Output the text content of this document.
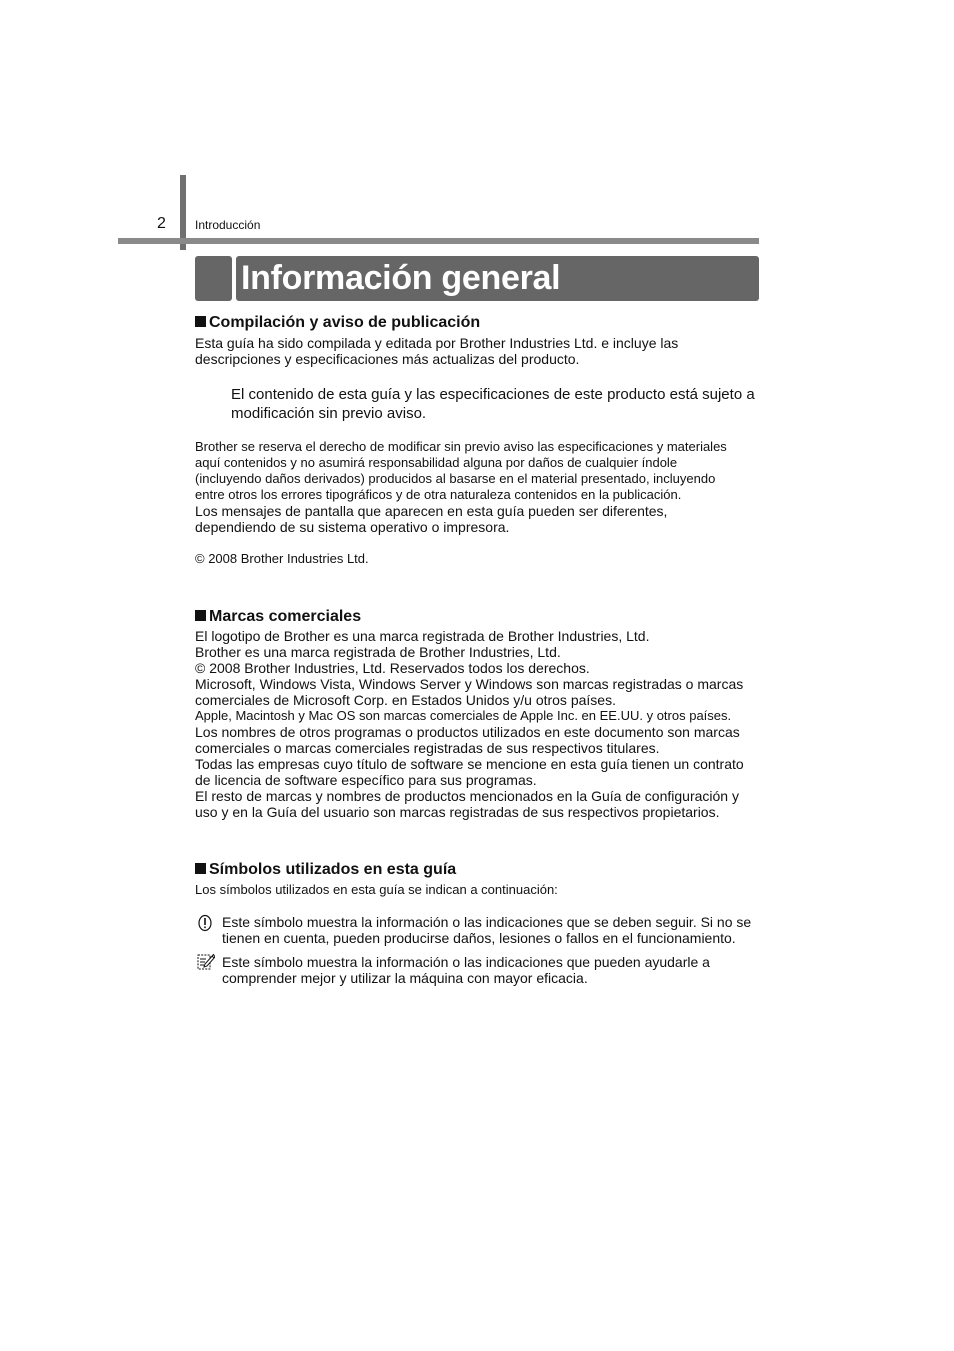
2 Introducción
Información general
Compilación y aviso de publicación
Esta guía ha sido compilada y editada por Brother Industries Ltd. e incluye las
descripciones y especificaciones más actualizas del producto.
El contenido de esta guía y las especificaciones de este producto está sujeto a
modificación sin previo aviso.
Brother se reserva el derecho de modificar sin previo aviso las especificaciones y materiales
aquí contenidos y no asumirá responsabilidad alguna por daños de cualquier índole
(incluyendo daños derivados) producidos al basarse en el material presentado, incluyendo
entre otros los errores tipográficos y de otra naturaleza contenidos en la publicación.
Los mensajes de pantalla que aparecen en esta guía pueden ser diferentes,
dependiendo de su sistema operativo o impresora.
© 2008 Brother Industries Ltd.
Marcas comerciales
El logotipo de Brother es una marca registrada de Brother Industries, Ltd.
Brother es una marca registrada de Brother Industries, Ltd.
© 2008 Brother Industries, Ltd. Reservados todos los derechos.
Microsoft, Windows Vista, Windows Server y Windows son marcas registradas o marcas
comerciales de Microsoft Corp. en Estados Unidos y/u otros países.
Apple, Macintosh y Mac OS son marcas comerciales de Apple Inc. en EE.UU. y otros países.
Los nombres de otros programas o productos utilizados en este documento son marcas
comerciales o marcas comerciales registradas de sus respectivos titulares.
Todas las empresas cuyo título de software se mencione en esta guía tienen un contrato
de licencia de software específico para sus programas.
El resto de marcas y nombres de productos mencionados en la Guía de configuración y
uso y en la Guía del usuario son marcas registradas de sus respectivos propietarios.
Símbolos utilizados en esta guía
Los símbolos utilizados en esta guía se indican a continuación:
Este símbolo muestra la información o las indicaciones que se deben seguir. Si no se
tienen en cuenta, pueden producirse daños, lesiones o fallos en el funcionamiento.
Este símbolo muestra la información o las indicaciones que pueden ayudarle a
comprender mejor y utilizar la máquina con mayor eficacia.
